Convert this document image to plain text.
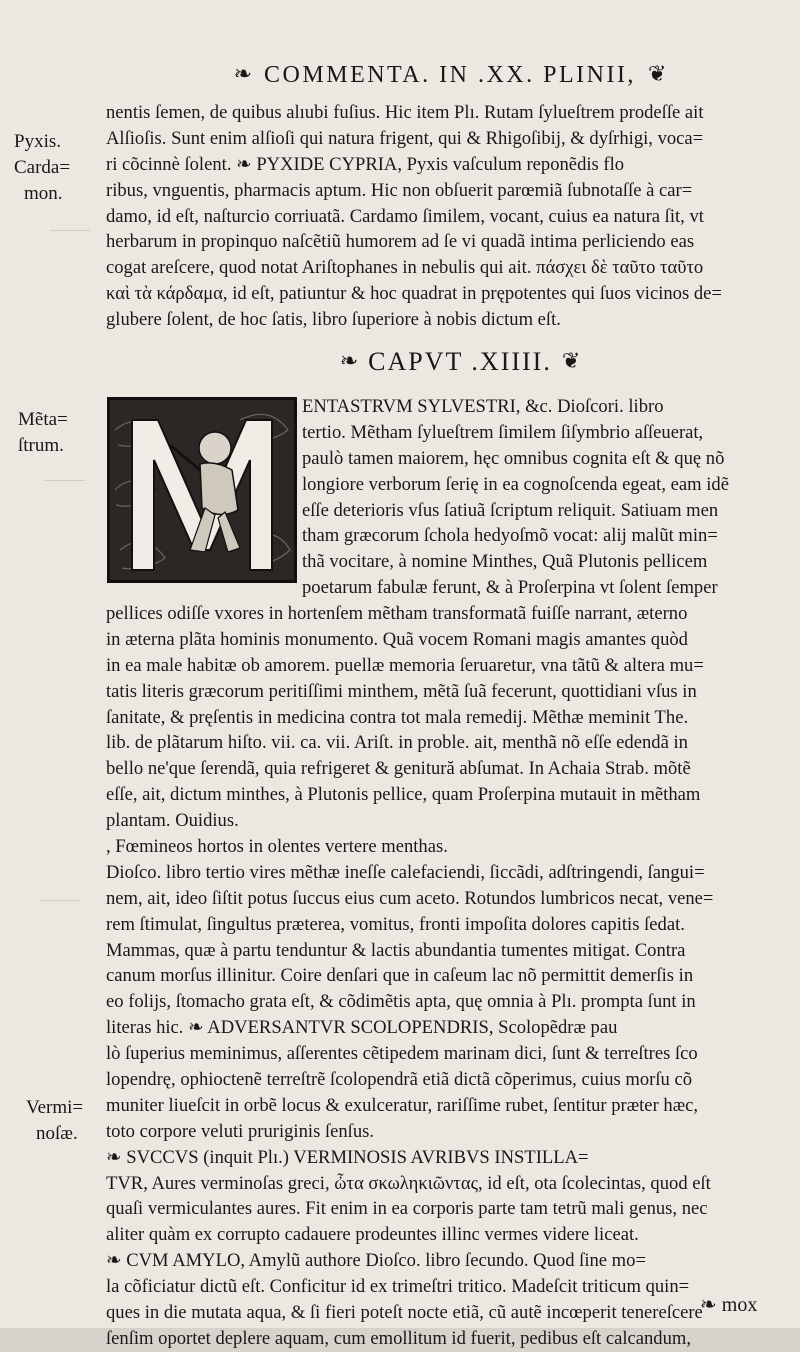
❧ COMMENTA. IN .XX. PLINII, ❦
Pyxis.
Carda=
mon.
Mẽta=
ſtrum.
Vermi=
noſæ.
nentis ſemen, de quibus alıubi fuſius. Hic item Plı. Rutam ſylueſtrem prodeſſe ait
Alſioſis. Sunt enim alſioſi qui natura frigent, qui & Rhigoſibij, & dyſrhigi, voca=
ri cõcinnè ſolent. ❧ PYXIDE CYPRIA, Pyxis vaſculum reponẽdis flo
ribus, vnguentis, pharmacis aptum. Hic non obſuerit parœmiã ſubnotaſſe à car=
damo, id eſt, naſturcio corriuatã. Cardamo ſimilem, vocant, cuius ea natura ſit, vt
herbarum in propinquo naſcẽtiũ humorem ad ſe vi quadã intima perliciendo eas
cogat areſcere, quod notat Ariſtophanes in nebulis qui ait. πάσχει δὲ ταῦτο ταῦτο
καὶ τὰ κάρδαμα, id eſt, patiuntur & hoc quadrat in prępotentes qui ſuos vicinos de=
glubere ſolent, de hoc ſatis, libro ſuperiore à nobis dictum eſt.
❧ CAPVT .XIIII. ❦
ENTASTRVM SYLVESTRI, &c. Dioſcori. libro
tertio. Mẽtham ſylueſtrem ſimilem ſiſymbrio aſſeuerat,
paulò tamen maiorem, hęc omnibus cognita eſt & quę nõ
longiore verborum ſerię in ea cognoſcenda egeat, eam idẽ
eſſe deterioris vſus ſatiuã ſcriptum reliquit. Satiuam men
tham græcorum ſchola hedyoſmõ vocat: alij malũt min=
thã vocitare, à nomine Minthes, Quã Plutonis pellicem
poetarum fabulæ ferunt, & à Proſerpina vt ſolent ſemper
pellices odiſſe vxores in hortenſem mẽtham transformatã fuiſſe narrant, æterno
in æterna plãta hominis monumento. Quã vocem Romani magis amantes quòd
in ea male habitæ ob amorem. puellæ memoria ſeruaretur, vna tãtũ & altera mu=
tatis literis græcorum peritiſſimi minthem, mẽtã ſuã fecerunt, quottidiani vſus in
ſanitate, & pręſentis in medicina contra tot mala remedij. Mẽthæ meminit The.
lib. de plãtarum hiſto. vii. ca. vii. Ariſt. in proble. ait, menthã nõ eſſe edendã in
bello ne'que ſerendã, quia refrigeret & genitură abſumat. In Achaia Strab. mõtẽ
eſſe, ait, dictum minthes, à Plutonis pellice, quam Proſerpina mutauit in mẽtham
plantam. Ouidius.
, Fœmineos hortos in olentes vertere menthas.
Dioſco. libro tertio vires mẽthæ ineſſe calefaciendi, ſiccãdi, adſtringendi, ſangui=
nem, ait, ideo ſiſtit potus ſuccus eius cum aceto. Rotundos lumbricos necat, vene=
rem ſtimulat, ſingultus præterea, vomitus, fronti impoſita dolores capitis ſedat.
Mammas, quæ à partu tenduntur & lactis abundantia tumentes mitigat. Contra
canum morſus illinitur. Coire denſari que in caſeum lac nõ permittit demerſis in
eo folijs, ſtomacho grata eſt, & cõdimẽtis apta, quę omnia à Plı. prompta ſunt in
literas hic. ❧ ADVERSANTVR SCOLOPENDRIS, Scolopẽdræ pau
lò ſuperius meminimus, aſſerentes cẽtipedem marinam dici, ſunt & terreſtres ſco
lopendrę, ophioctenẽ terreſtrẽ ſcolopendrã etiã dictã cõperimus, cuius morſu cõ
muniter liueſcit in orbẽ locus & exulceratur, rariſſime rubet, ſentitur præter hæc,
toto corpore veluti pruriginis ſenſus.
❧ SVCCVS (inquit Plı.) VERMINOSIS AVRIBVS INSTILLA=
TVR, Aures verminoſas greci, ὦτα σκωληκιῶντας, id eſt, ota ſcolecintas, quod eſt
quaſi vermiculantes aures. Fit enim in ea corporis parte tam tetrũ mali genus, nec
aliter quàm ex corrupto cadauere prodeuntes illinc vermes videre liceat.
❧ CVM AMYLO, Amylũ authore Dioſco. libro ſecundo. Quod ſine mo=
la cõficiatur dictũ eſt. Conficitur id ex trimeſtri tritico. Madeſcit triticum quin=
ques in die mutata aqua, & ſi fieri poteſt nocte etiã, cũ autẽ incœperit tenereſcere
ſenſim oportet deplere aquam, cum emollitum id fuerit, pedibus eſt calcandum,
❧ mox
